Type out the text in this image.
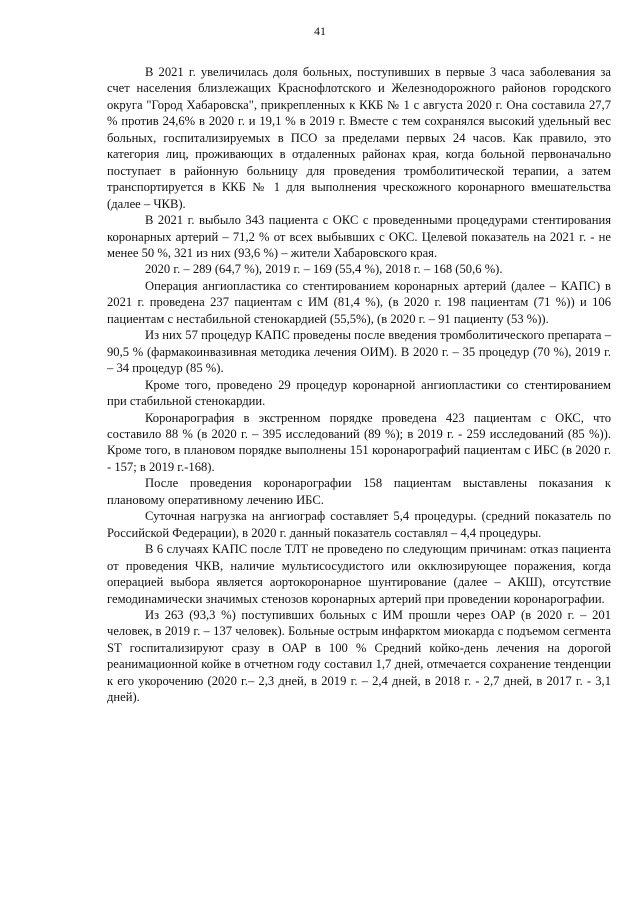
41

В 2021 г. увеличилась доля больных, поступивших в первые 3 часа заболевания за счет населения близлежащих Краснофлотского и Железнодорожного районов городского округа "Город Хабаровска", прикрепленных к ККБ № 1 с августа 2020 г. Она составила 27,7 % против 24,6% в 2020 г. и 19,1 % в 2019 г. Вместе с тем сохранялся высокий удельный вес больных, госпитализируемых в ПСО за пределами первых 24 часов. Как правило, это категория лиц, проживающих в отдаленных районах края, когда больной первоначально поступает в районную больницу для проведения тромболитической терапии, а затем транспортируется в ККБ № 1 для выполнения чрескожного коронарного вмешательства (далее – ЧКВ).

В 2021 г. выбыло 343 пациента с ОКС с проведенными процедурами стентирования коронарных артерий – 71,2 % от всех выбывших с ОКС. Целевой показатель на 2021 г. - не менее 50 %, 321 из них (93,6 %) – жители Хабаровского края.

2020 г. – 289 (64,7 %), 2019 г. – 169 (55,4 %), 2018 г. – 168 (50,6 %).

Операция ангиопластика со стентированием коронарных артерий (далее – КАПС) в 2021 г. проведена 237 пациентам с ИМ (81,4 %), (в 2020 г. 198 пациентам (71 %)) и 106 пациентам с нестабильной стенокардией (55,5%), (в 2020 г. – 91 пациенту (53 %)).

Из них 57 процедур КАПС проведены после введения тромболитического препарата – 90,5 % (фармакоинвазивная методика лечения ОИМ). В 2020 г. – 35 процедур (70 %), 2019 г. – 34 процедур (85 %).

Кроме того, проведено 29 процедур коронарной ангиопластики со стентированием при стабильной стенокардии.

Коронарография в экстренном порядке проведена 423 пациентам с ОКС, что составило 88 % (в 2020 г. – 395 исследований (89 %); в 2019 г. - 259 исследований (85 %)). Кроме того, в плановом порядке выполнены 151 коронарографий пациентам с ИБС (в 2020 г. - 157; в 2019 г.-168).

После проведения коронарографии 158 пациентам выставлены показания к плановому оперативному лечению ИБС.

Суточная нагрузка на ангиограф составляет 5,4 процедуры. (средний показатель по Российской Федерации), в 2020 г. данный показатель составлял – 4,4 процедуры.

В 6 случаях КАПС после ТЛТ не проведено по следующим причинам: отказ пациента от проведения ЧКВ, наличие мультисосудистого или окклюзирующее поражения, когда операцией выбора является аортокоронарное шунтирование (далее – АКШ), отсутствие гемодинамически значимых стенозов коронарных артерий при проведении коронарографии.

Из 263 (93,3 %) поступивших больных с ИМ прошли через ОАР (в 2020 г. – 201 человек, в 2019 г. – 137 человек). Больные острым инфарктом миокарда с подъемом сегмента ST госпитализируют сразу в ОАР в 100 % Средний койко-день лечения на дорогой реанимационной койке в отчетном году составил 1,7 дней, отмечается сохранение тенденции к его укорочению (2020 г.– 2,3 дней, в 2019 г. – 2,4 дней, в 2018 г. - 2,7 дней, в 2017 г. - 3,1 дней).
